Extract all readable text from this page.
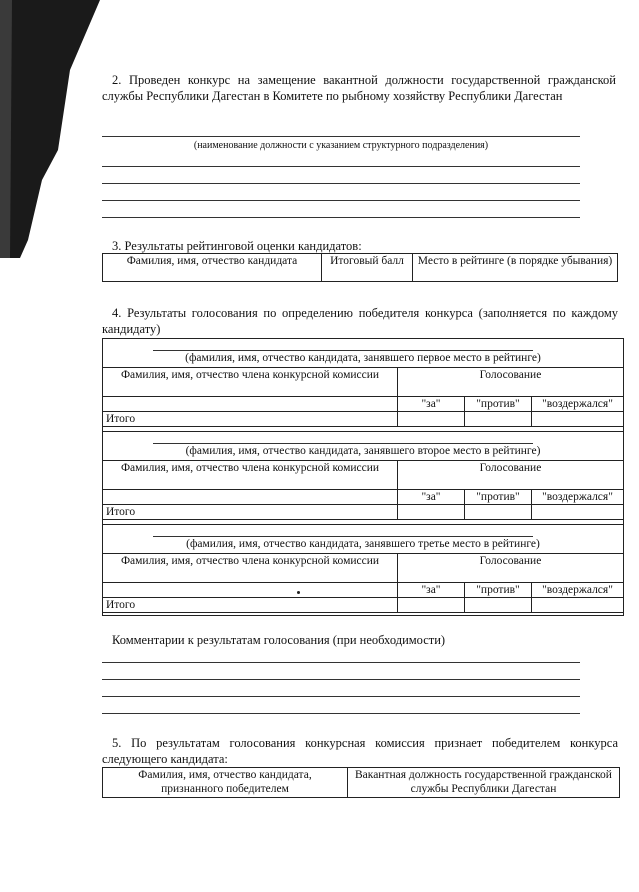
2. Проведен конкурс на замещение вакантной должности государственной гражданской службы Республики Дагестан в Комитете по рыбному хозяйству Республики Дагестан
(наименование должности с указанием структурного подразделения)
3. Результаты рейтинговой оценки кандидатов:
Фамилия, имя, отчество кандидата	Итоговый балл	Место в рейтинге (в порядке убывания)
4. Результаты голосования по определению победителя конкурса (заполняется по каждому кандидату)
(фамилия, имя, отчество кандидата, занявшего первое место в рейтинге)
Фамилия, имя, отчество члена конкурсной комиссии	Голосование		
	"за"	"против"	"воздержался"
Итого			
(фамилия, имя, отчество кандидата, занявшего второе место в рейтинге)
Фамилия, имя, отчество члена конкурсной комиссии	Голосование		
	"за"	"против"	"воздержался"
Итого			
(фамилия, имя, отчество кандидата, занявшего третье место в рейтинге)
Фамилия, имя, отчество члена конкурсной комиссии	Голосование		
	"за"	"против"	"воздержался"
Итого			
Комментарии к результатам голосования (при необходимости)
5. По результатам голосования конкурсная комиссия признает победителем конкурса следующего кандидата:
Фамилия, имя, отчество кандидата, признанного победителем	Вакантная должность государственной гражданской службы Республики Дагестан
